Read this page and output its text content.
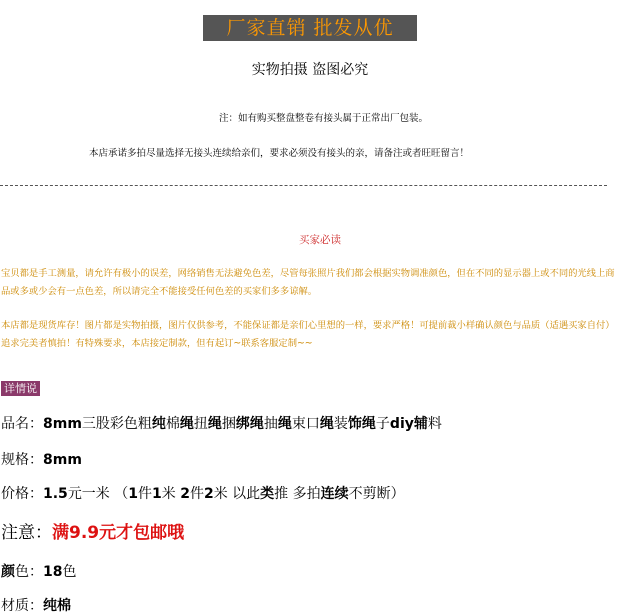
厂家直销 批发从优
实物拍摄 盗图必究
注：如有购买整盘整卷有接头属于正常出厂包装。
本店承诺多拍尽量选择无接头连续给亲们，要求必须没有接头的亲，请备注或者旺旺留言！
买家必读
宝贝都是手工测量，请允许有极小的误差，网络销售无法避免色差，尽管每张照片我们都会根据实物调准颜色，但在不同的显示器上或不同的光线上商品或多或少会有一点色差，所以请完全不能接受任何色差的买家们多多谅解。
本店都是现货库存！图片都是实物拍摄，图片仅供参考，不能保证都是亲们心里想的一样，要求严格！可提前裁小样确认颜色与品质（适遇买家自付）追求完美者慎拍！有特殊要求，本店接定制款，但有起订~联系客服定制~~
详情说
品名：8mm三股彩色粗纯棉绳扭绳捆绑绳抽绳束口绳装饰绳子diy辅料
规格：8mm
价格：1.5元一米 （1件1米 2件2米 以此类推 多拍连续不剪断）
注意：满9.9元才包邮哦
颜色：18色
材质：纯棉
